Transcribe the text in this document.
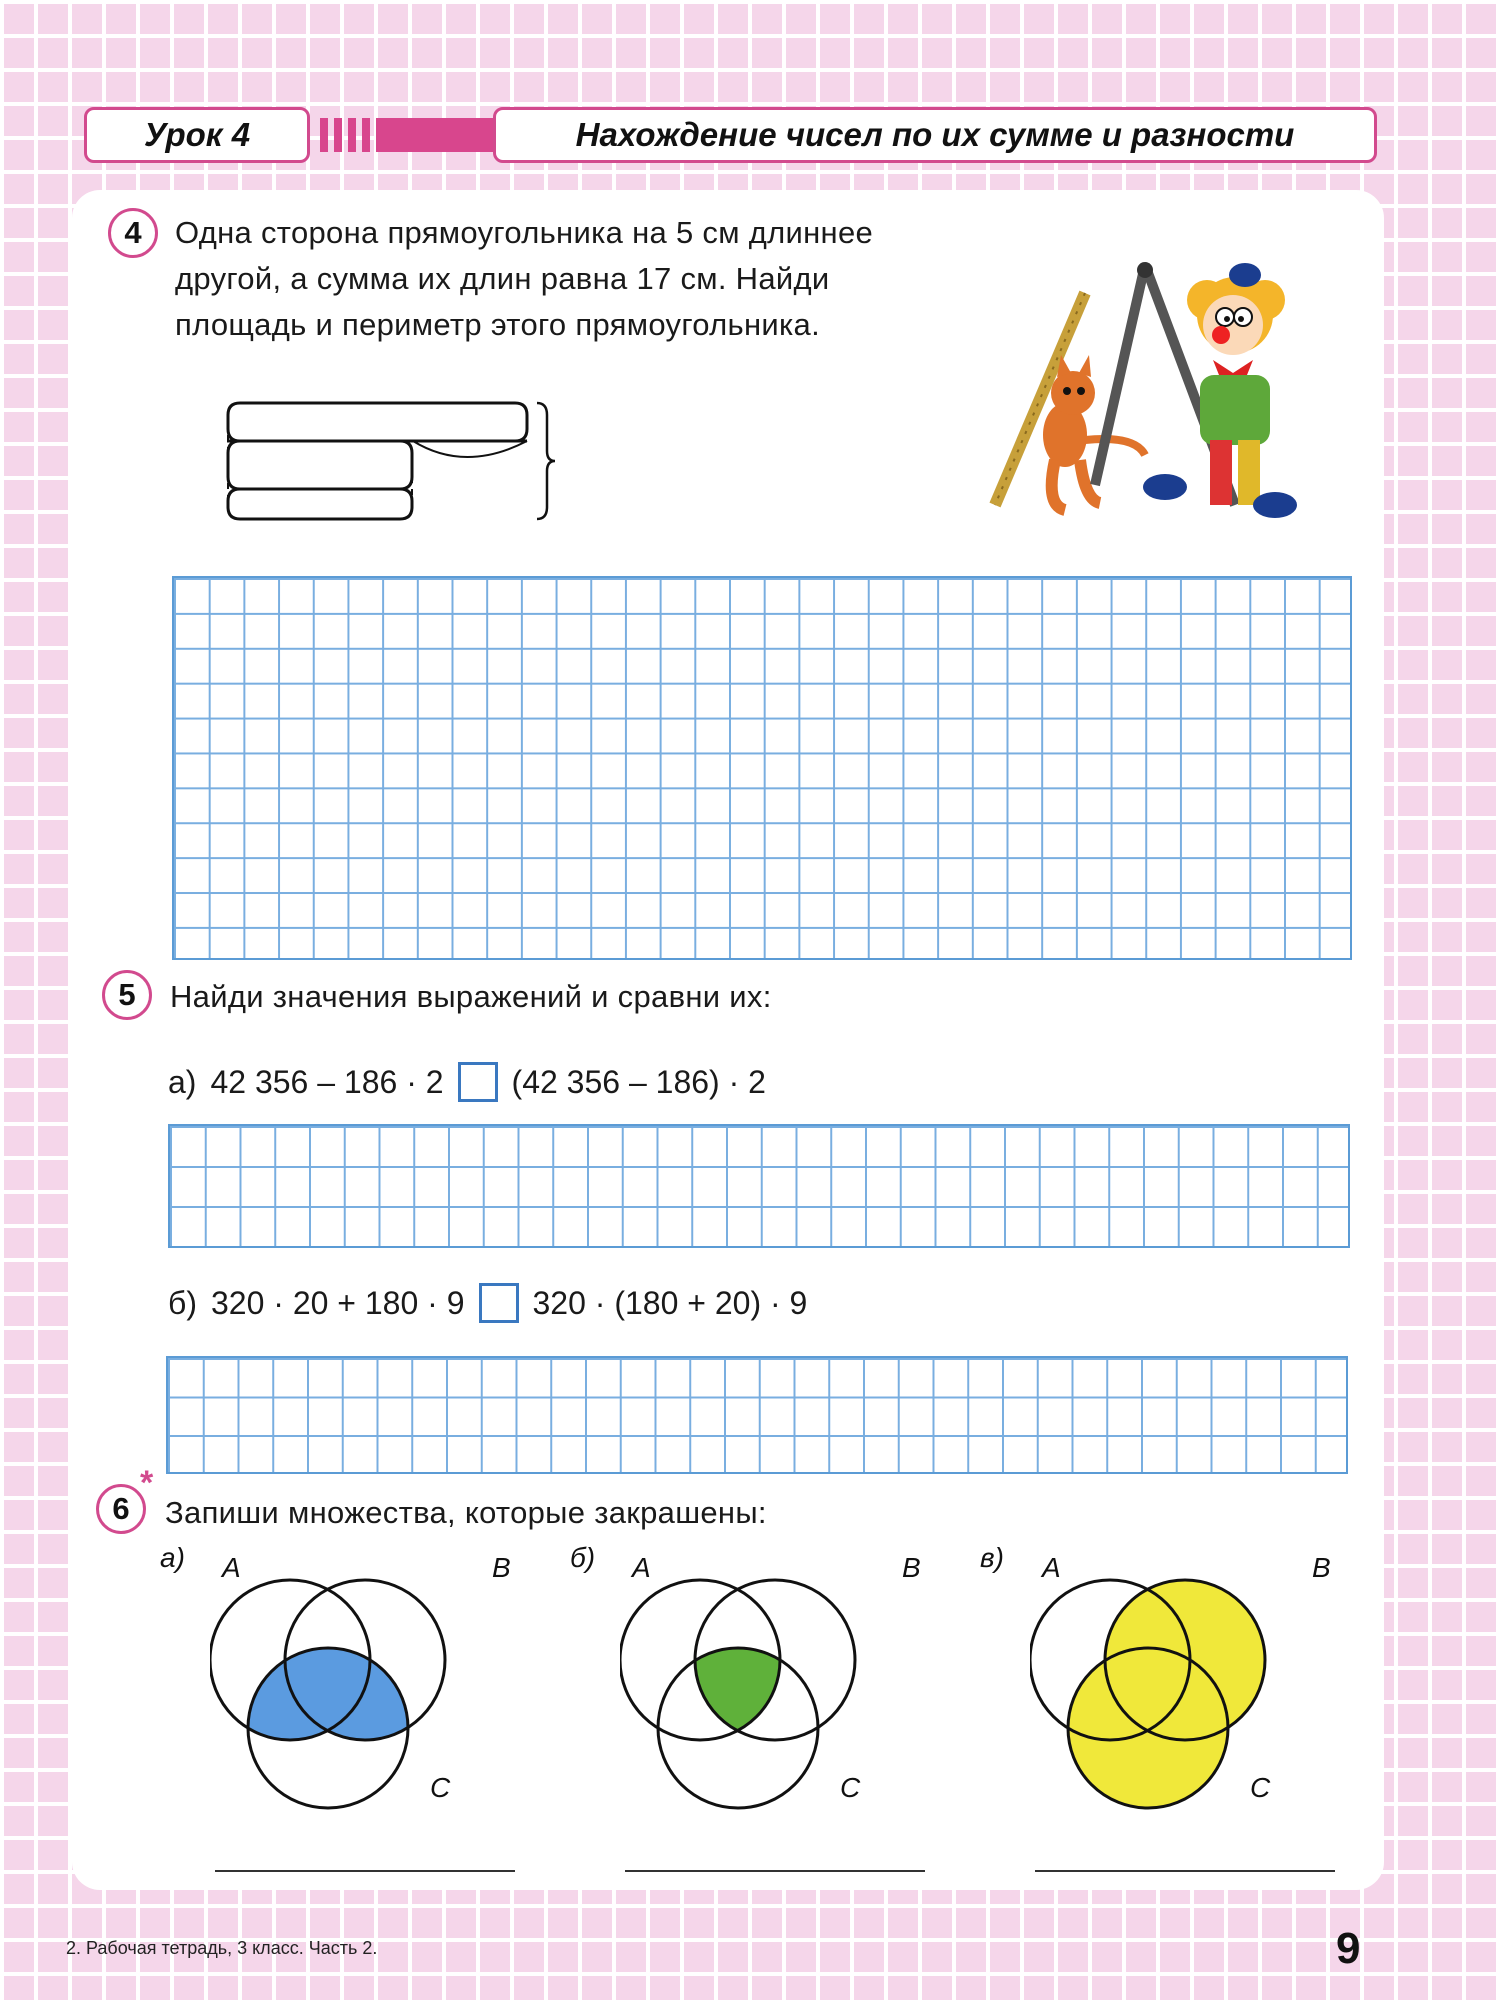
Урок 4	Нахождение чисел по их сумме и разности
4 Одна сторона прямоугольника на 5 см длиннее
другой, а сумма их длин равна 17 см. Найди
площадь и периметр этого прямоугольника.
5 Найди значения выражений и сравни их:
а) 42 356 – 186 · 2 (42 356 – 186) · 2
б) 320 · 20 + 180 · 9 320 · (180 + 20) · 9
6
*
Запиши множества, которые закрашены:
а) A	B
C
б) A	B
C
в) A	B
C
2. Рабочая тетрадь, 3 класс. Часть 2.	9
